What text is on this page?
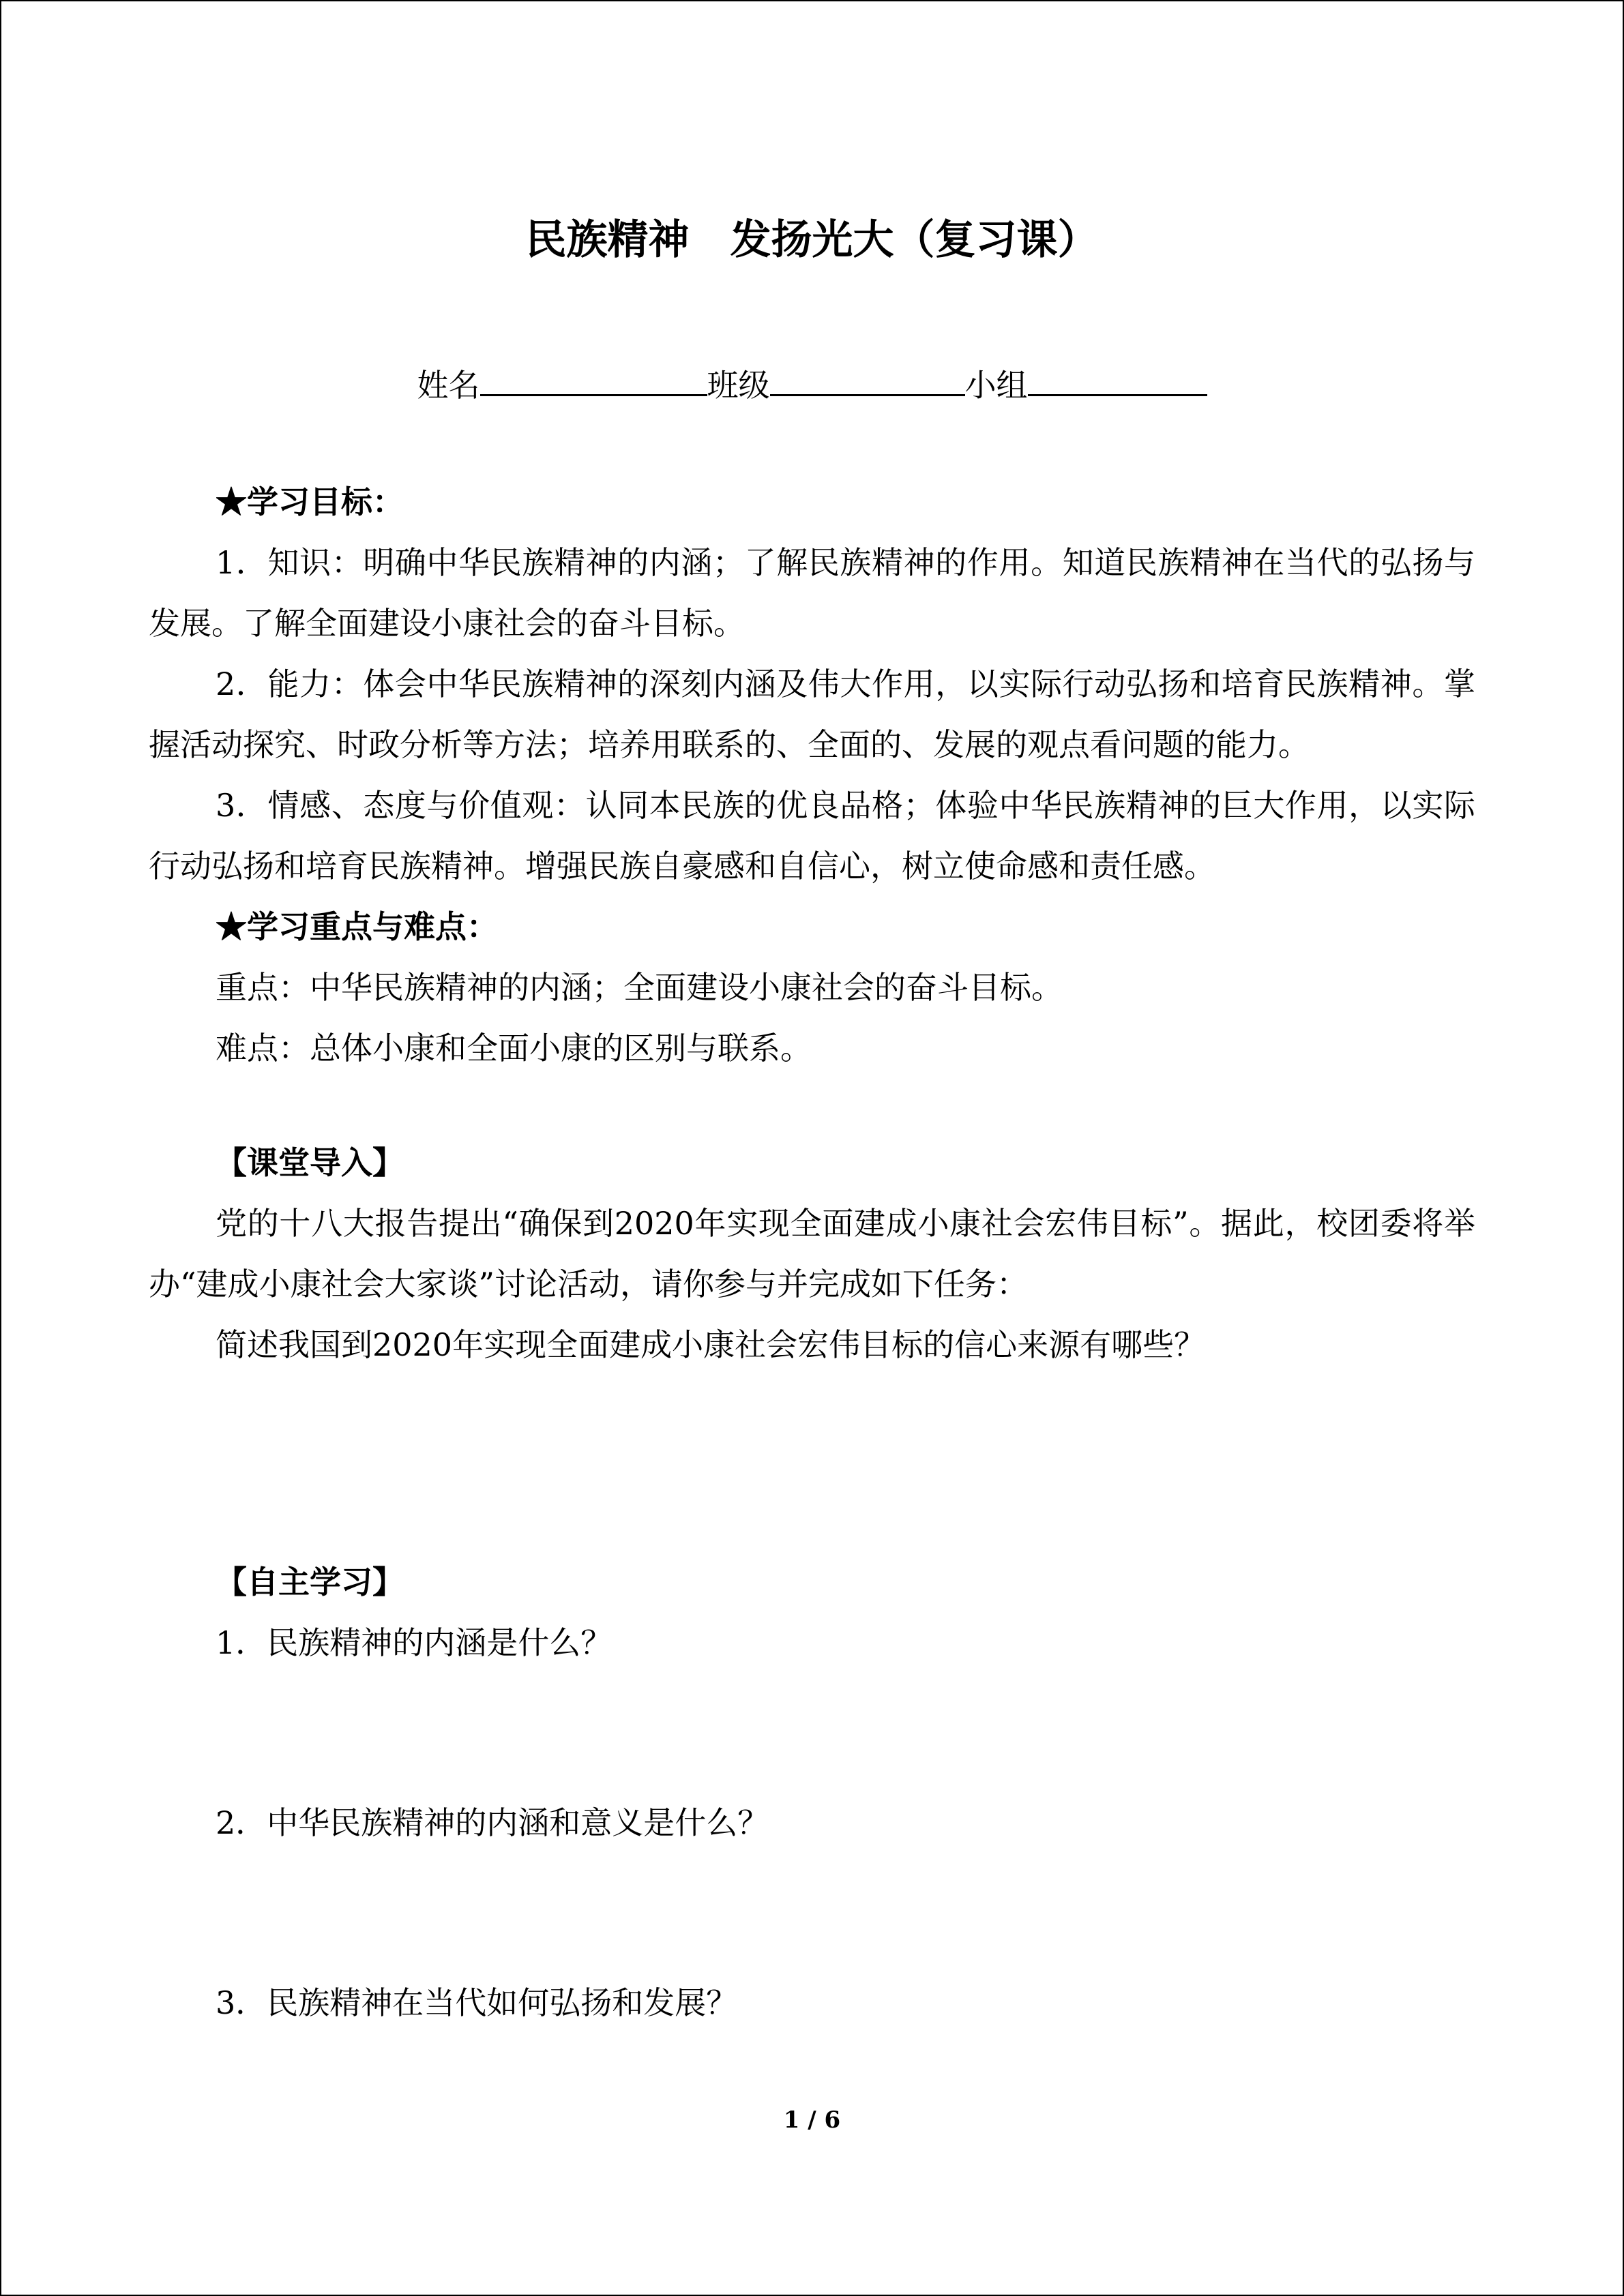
民族精神　发扬光大（复习课）
姓名	班级	小组
★学习目标：
1．知识：明确中华民族精神的内涵；了解民族精神的作用。知道民族精神在当代的弘扬与发展。了解全面建设小康社会的奋斗目标。
2．能力：体会中华民族精神的深刻内涵及伟大作用，以实际行动弘扬和培育民族精神。掌握活动探究、时政分析等方法；培养用联系的、全面的、发展的观点看问题的能力。
3．情感、态度与价值观：认同本民族的优良品格；体验中华民族精神的巨大作用，以实际行动弘扬和培育民族精神。增强民族自豪感和自信心，树立使命感和责任感。
★学习重点与难点：
重点：中华民族精神的内涵；全面建设小康社会的奋斗目标。
难点：总体小康和全面小康的区别与联系。
【课堂导入】
党的十八大报告提出“确保到2020年实现全面建成小康社会宏伟目标”。据此，校团委将举办“建成小康社会大家谈”讨论活动，请你参与并完成如下任务：
简述我国到2020年实现全面建成小康社会宏伟目标的信心来源有哪些？
【自主学习】
1．民族精神的内涵是什么？
2．中华民族精神的内涵和意义是什么？
3．民族精神在当代如何弘扬和发展？
1 / 6
